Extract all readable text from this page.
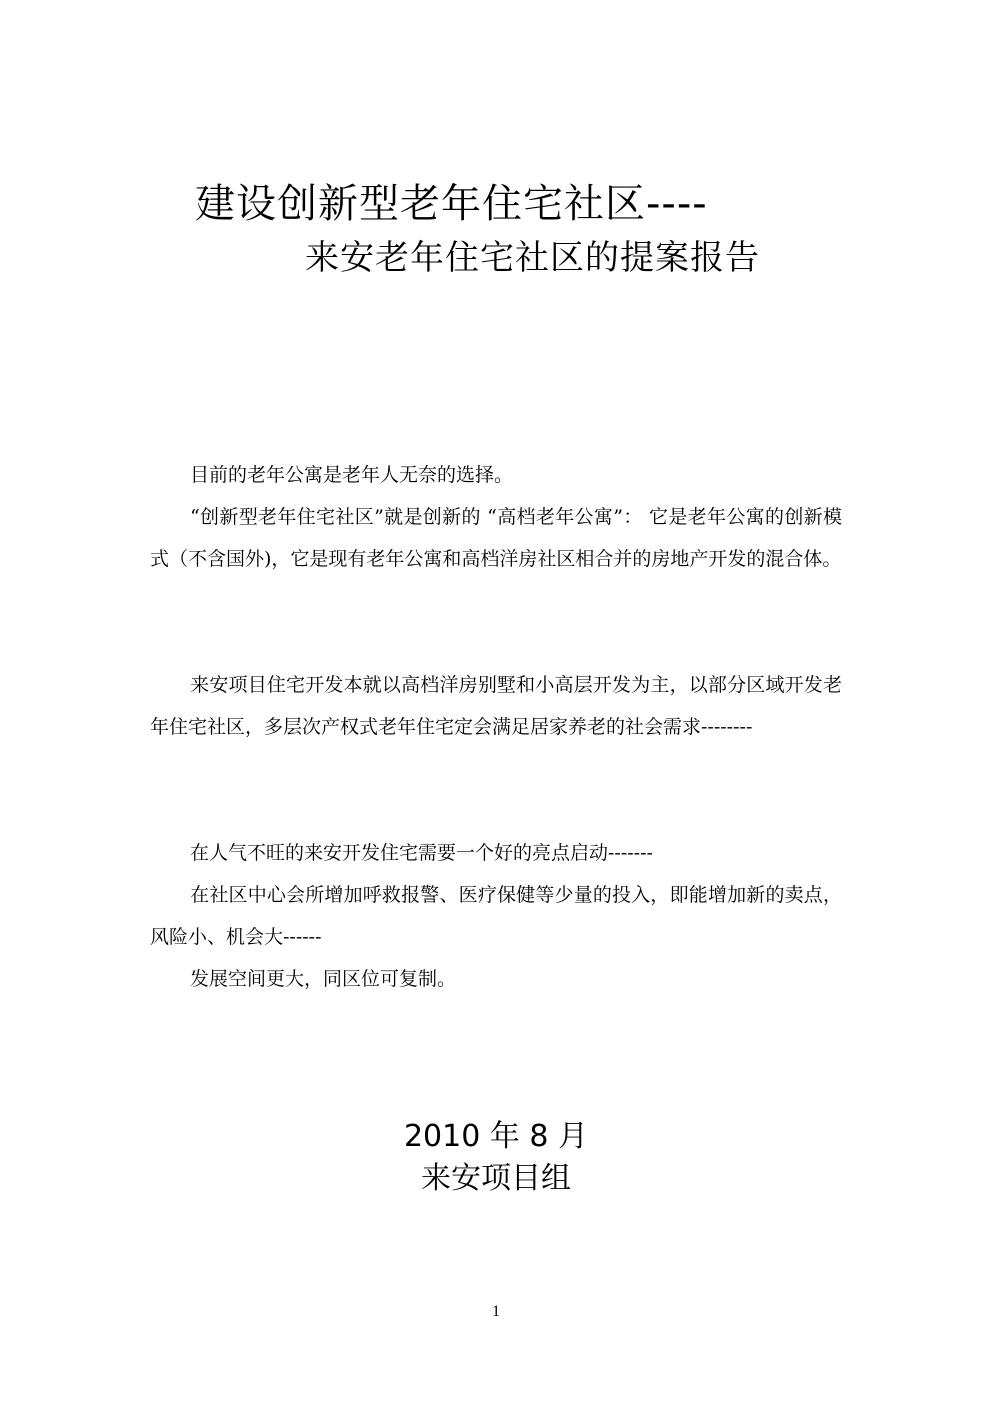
建设创新型老年住宅社区----
来安老年住宅社区的提案报告

目前的老年公寓是老年人无奈的选择。

“创新型老年住宅社区”就是创新的 “高档老年公寓”： 它是老年公寓的创新模式（不含国外)，它是现有老年公寓和高档洋房社区相合并的房地产开发的混合体。

来安项目住宅开发本就以高档洋房别墅和小高层开发为主，以部分区域开发老年住宅社区，多层次产权式老年住宅定会满足居家养老的社会需求--------

在人气不旺的来安开发住宅需要一个好的亮点启动-------

在社区中心会所增加呼救报警、医疗保健等少量的投入，即能增加新的卖点，风险小、机会大------

发展空间更大，同区位可复制。

2010 年 8 月
来安项目组
1
